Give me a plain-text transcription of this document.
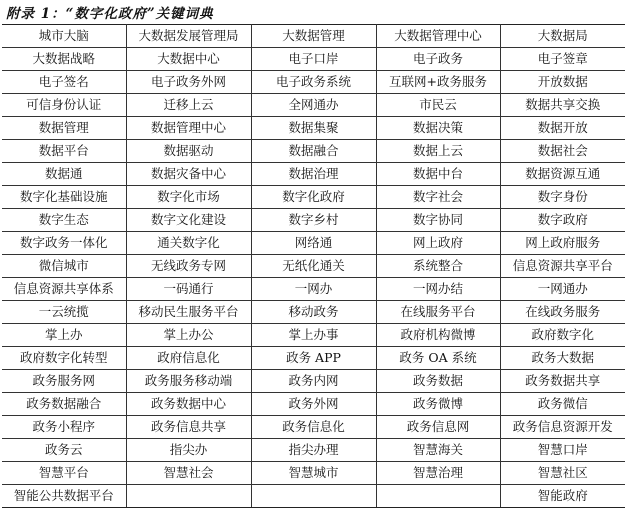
附录 1：“数字化政府”关键词典
城市大脑	大数据发展管理局	大数据管理	大数据管理中心	大数据局
大数据战略	大数据中心	电子口岸	电子政务	电子签章
电子签名	电子政务外网	电子政务系统	互联网+政务服务	开放数据
可信身份认证	迁移上云	全网通办	市民云	数据共享交换
数据管理	数据管理中心	数据集聚	数据决策	数据开放
数据平台	数据驱动	数据融合	数据上云	数据社会
数据通	数据灾备中心	数据治理	数据中台	数据资源互通
数字化基础设施	数字化市场	数字化政府	数字社会	数字身份
数字生态	数字文化建设	数字乡村	数字协同	数字政府
数字政务一体化	通关数字化	网络通	网上政府	网上政府服务
微信城市	无线政务专网	无纸化通关	系统整合	信息资源共享平台
信息资源共享体系	一码通行	一网办	一网办结	一网通办
一云统揽	移动民生服务平台	移动政务	在线服务平台	在线政务服务
掌上办	掌上办公	掌上办事	政府机构微博	政府数字化
政府数字化转型	政府信息化	政务 APP	政务 OA 系统	政务大数据
政务服务网	政务服务移动端	政务内网	政务数据	政务数据共享
政务数据融合	政务数据中心	政务外网	政务微博	政务微信
政务小程序	政务信息共享	政务信息化	政务信息网	政务信息资源开发
政务云	指尖办	指尖办理	智慧海关	智慧口岸
智慧平台	智慧社会	智慧城市	智慧治理	智慧社区
智能公共数据平台				智能政府
